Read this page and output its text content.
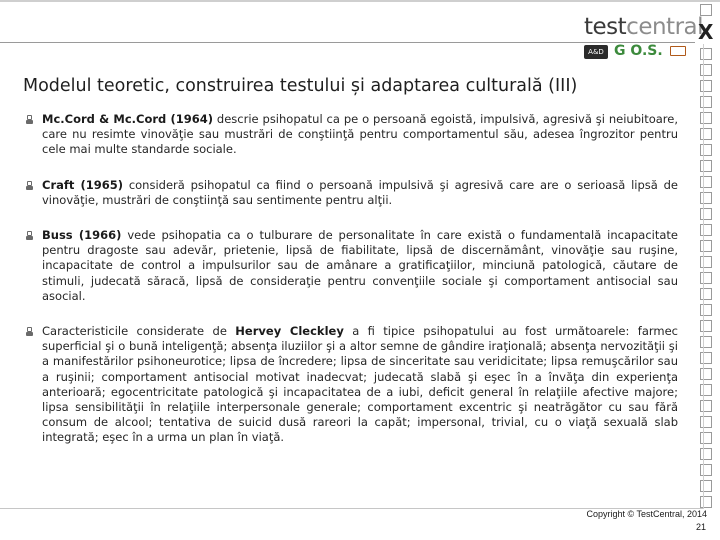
testcentral
A&D G O.S.
X
Modelul teoretic, construirea testului și adaptarea culturală (III)
Mc.Cord & Mc.Cord (1964) descrie psihopatul ca pe o persoană egoistă, impulsivă, agresivă şi neiubitoare, care nu resimte vinovăţie sau mustrări de conştiinţă pentru comportamentul său, adesea îngrozitor pentru cele mai multe standarde sociale.
Craft (1965) consideră psihopatul ca fiind o persoană impulsivă şi agresivă care are o serioasă lipsă de vinovăţie, mustrări de conştiinţă sau sentimente pentru alţii.
Buss (1966) vede psihopatia ca o tulburare de personalitate în care există o fundamentală incapacitate pentru dragoste sau adevăr, prietenie, lipsă de fiabilitate, lipsă de discernământ, vinovăţie sau ruşine, incapacitate de control a impulsurilor sau de amânare a gratificaţiilor, minciună patologică, căutare de stimuli, judecată săracă, lipsă de consideraţie pentru convenţiile sociale şi comportament antisocial sau asocial.
Caracteristicile considerate de Hervey Cleckley a fi tipice psihopatului au fost următoarele: farmec superficial şi o bună inteligenţă; absenţa iluziilor şi a altor semne de gândire iraţională; absenţa nervozităţii şi a manifestărilor psihoneurotice; lipsa de încredere; lipsa de sinceritate sau veridicitate; lipsa remuşcărilor sau a ruşinii; comportament antisocial motivat inadecvat; judecată slabă şi eşec în a învăţa din experienţa anterioară; egocentricitate patologică şi incapacitatea de a iubi, deficit general în relaţiile afective majore; lipsa sensibilităţii în relaţiile interpersonale generale; comportament excentric şi neatrăgător cu sau fără consum de alcool; tentativa de suicid dusă rareori la capăt; impersonal, trivial, cu o viaţă sexuală slab integrată; eşec în a urma un plan în viaţă.
Copyright © TestCentral, 2014
21
